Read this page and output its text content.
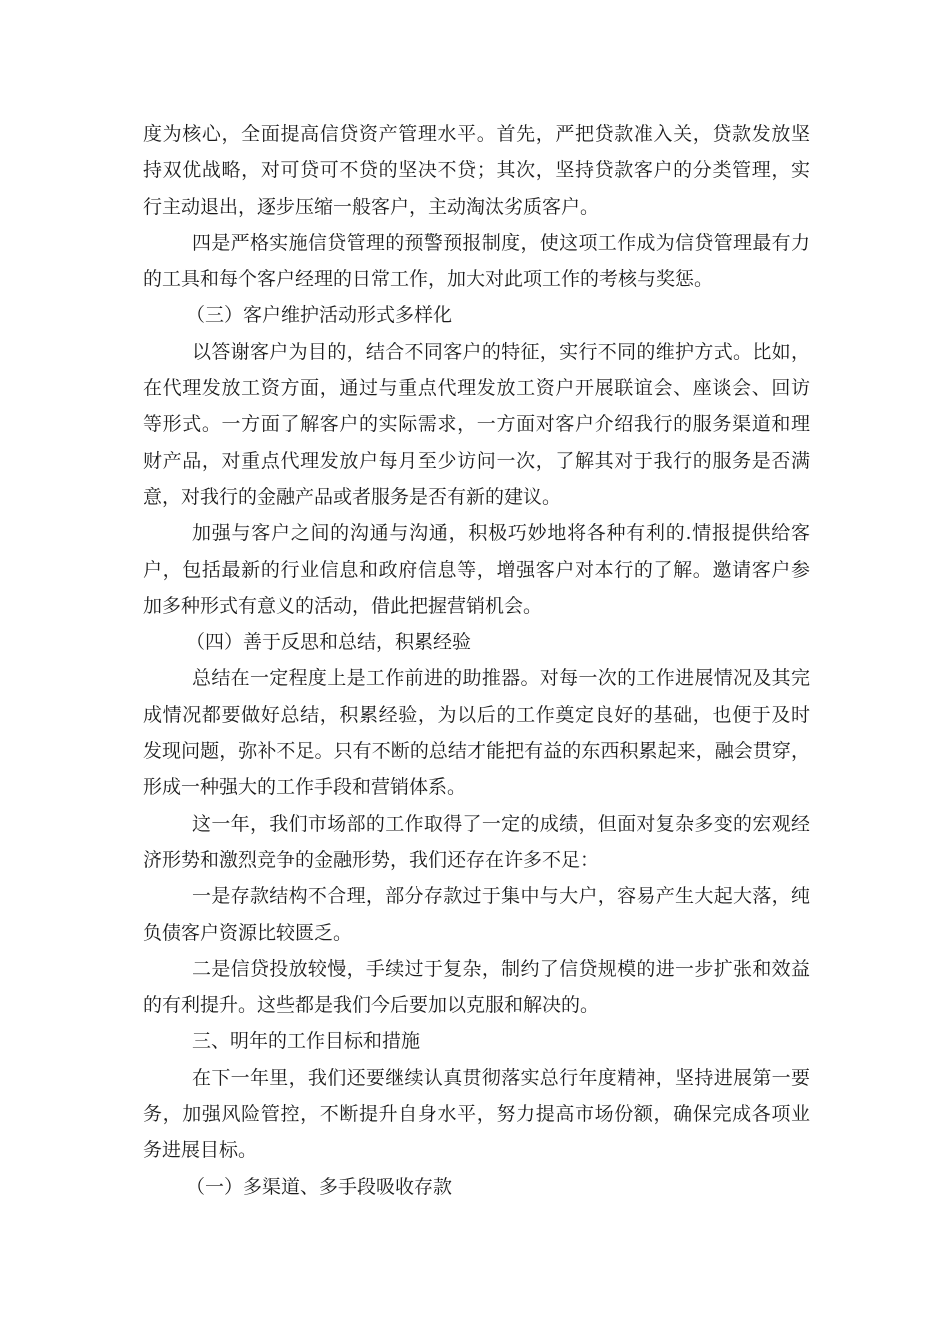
度为核心，全面提高信贷资产管理水平。首先，严把贷款准入关，贷款发放坚
持双优战略，对可贷可不贷的坚决不贷；其次，坚持贷款客户的分类管理，实
行主动退出，逐步压缩一般客户，主动淘汰劣质客户。
四是严格实施信贷管理的预警预报制度，使这项工作成为信贷管理最有力
的工具和每个客户经理的日常工作，加大对此项工作的考核与奖惩。
（三）客户维护活动形式多样化
以答谢客户为目的，结合不同客户的特征，实行不同的维护方式。比如，
在代理发放工资方面，通过与重点代理发放工资户开展联谊会、座谈会、回访
等形式。一方面了解客户的实际需求，一方面对客户介绍我行的服务渠道和理
财产品，对重点代理发放户每月至少访问一次，了解其对于我行的服务是否满
意，对我行的金融产品或者服务是否有新的建议。
加强与客户之间的沟通与沟通，积极巧妙地将各种有利的.情报提供给客
户，包括最新的行业信息和政府信息等，增强客户对本行的了解。邀请客户参
加多种形式有意义的活动，借此把握营销机会。
（四）善于反思和总结，积累经验
总结在一定程度上是工作前进的助推器。对每一次的工作进展情况及其完
成情况都要做好总结，积累经验，为以后的工作奠定良好的基础，也便于及时
发现问题，弥补不足。只有不断的总结才能把有益的东西积累起来，融会贯穿，
形成一种强大的工作手段和营销体系。
这一年，我们市场部的工作取得了一定的成绩，但面对复杂多变的宏观经
济形势和激烈竞争的金融形势，我们还存在许多不足：
一是存款结构不合理，部分存款过于集中与大户，容易产生大起大落，纯
负债客户资源比较匮乏。
二是信贷投放较慢，手续过于复杂，制约了信贷规模的进一步扩张和效益
的有利提升。这些都是我们今后要加以克服和解决的。
三、明年的工作目标和措施
在下一年里，我们还要继续认真贯彻落实总行年度精神，坚持进展第一要
务，加强风险管控，不断提升自身水平，努力提高市场份额，确保完成各项业
务进展目标。
（一）多渠道、多手段吸收存款
